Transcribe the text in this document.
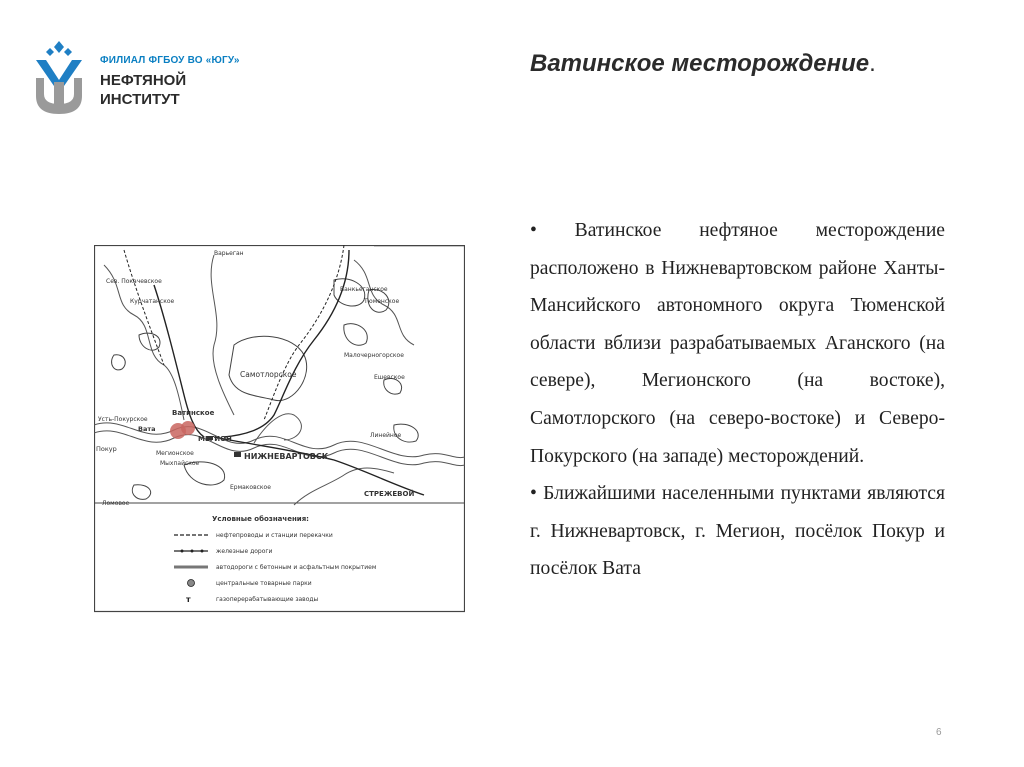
ФИЛИАЛ ФГБОУ ВО «ЮГУ»
НЕФТЯНОЙ
ИНСТИТУТ
Ватинское месторождение.
Варьеган
Сев. Покачевское
Курчатанское
Ватинское
МЕГИОН
Вата
Покур
НИЖНЕВАРТОВСК
Самотлорское
СТРЕЖЕВОЙ
Мегионское
Мыхпайское
Ванкьеганское
Тюменское
Линейное
Ешевское
Ермаковское
Усть-Покурское
Малочерногорское
Ломовое
Условные обозначения:
т
нефтепроводы и станции перекачки
железные дороги
автодороги с бетонным и асфальтным покрытием
центральные товарные парки
газоперерабатывающие заводы

• Ватинское нефтяное месторождение расположено в Нижневартовском районе Ханты-Мансийского автономного округа Тюменской области вблизи разрабатываемых Аганского (на севере), Мегионского (на востоке), Самотлорского (на северо-востоке) и Северо-Покурского (на западе) месторождений.

• Ближайшими населенными пунктами являются г. Нижневартовск, г. Мегион, посёлок Покур и посёлок Вата

6
